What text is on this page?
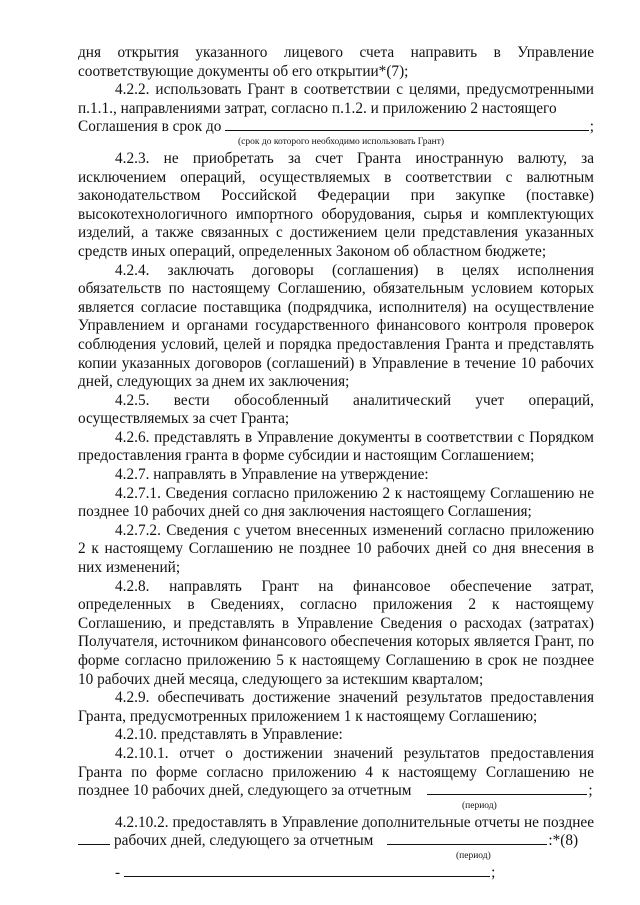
дня открытия указанного лицевого счета направить в Управление

соответствующие документы об его открытии*(7);

4.2.2. использовать Грант в соответствии с целями, предусмотренными п.1.1., направлениями затрат, согласно п.1.2. и приложению 2 настоящего

Соглашения в срок до	;
(срок до которого необходимо использовать Грант)

4.2.3. не приобретать за счет Гранта иностранную валюту, за исключением операций, осуществляемых в соответствии с валютным законодательством Российской Федерации при закупке (поставке) высокотехнологичного импортного оборудования, сырья и комплектующих изделий, а также связанных с достижением цели представления указанных средств иных операций, определенных Законом об областном бюджете;

4.2.4. заключать договоры (соглашения) в целях исполнения обязательств по настоящему Соглашению, обязательным условием которых является согласие поставщика (подрядчика, исполнителя) на осуществление Управлением и органами государственного финансового контроля проверок соблюдения условий, целей и порядка предоставления Гранта и представлять копии указанных договоров (соглашений) в Управление в течение 10 рабочих дней, следующих за днем их заключения;

4.2.5. вести обособленный аналитический учет операций, осуществляемых за счет Гранта;

4.2.6. представлять в Управление документы в соответствии с Порядком предоставления гранта в форме субсидии и настоящим Соглашением;

4.2.7. направлять в Управление на утверждение:

4.2.7.1. Сведения согласно приложению 2 к настоящему Соглашению не позднее 10 рабочих дней со дня заключения настоящего Соглашения;

4.2.7.2. Сведения с учетом внесенных изменений согласно приложению 2 к настоящему Соглашению не позднее 10 рабочих дней со дня внесения в них изменений;

4.2.8. направлять Грант на финансовое обеспечение затрат, определенных в Сведениях, согласно приложения 2 к настоящему Соглашению, и представлять в Управление Сведения о расходах (затратах) Получателя, источником финансового обеспечения которых является Грант, по форме согласно приложению 5 к настоящему Соглашению в срок не позднее 10 рабочих дней месяца, следующего за истекшим кварталом;

4.2.9. обеспечивать достижение значений результатов предоставления Гранта, предусмотренных приложением 1 к настоящему Соглашению;

4.2.10. представлять в Управление:

4.2.10.1. отчет о достижении значений результатов предоставления Гранта по форме согласно приложению 4 к настоящему Соглашению не

позднее 10 рабочих дней, следующего за отчетным	;
(период)

4.2.10.2. предоставлять в Управление дополнительные отчеты не позднее

рабочих дней, следующего за отчетным	:*(8)
(период)
-	;
